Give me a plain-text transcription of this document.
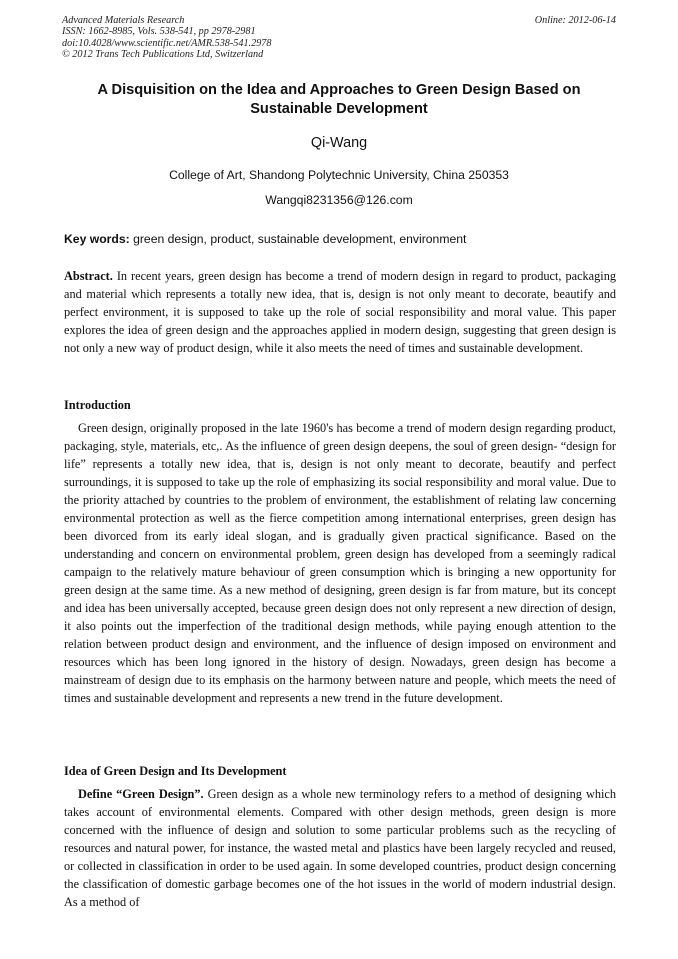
Advanced Materials Research
ISSN: 1662-8985, Vols. 538-541, pp 2978-2981
doi:10.4028/www.scientific.net/AMR.538-541.2978
© 2012 Trans Tech Publications Ltd, Switzerland
Online: 2012-06-14
A Disquisition on the Idea and Approaches to Green Design Based on Sustainable Development
Qi-Wang
College of Art, Shandong Polytechnic University, China 250353
Wangqi8231356@126.com
Key words: green design, product, sustainable development, environment

Abstract. In recent years, green design has become a trend of modern design in regard to product, packaging and material which represents a totally new idea, that is, design is not only meant to decorate, beautify and perfect environment, it is supposed to take up the role of social responsibility and moral value. This paper explores the idea of green design and the approaches applied in modern design, suggesting that green design is not only a new way of product design, while it also meets the need of times and sustainable development.

Introduction

Green design, originally proposed in the late 1960's has become a trend of modern design regarding product, packaging, style, materials, etc,. As the influence of green design deepens, the soul of green design- “design for life” represents a totally new idea, that is, design is not only meant to decorate, beautify and perfect surroundings, it is supposed to take up the role of emphasizing its social responsibility and moral value. Due to the priority attached by countries to the problem of environment, the establishment of relating law concerning environmental protection as well as the fierce competition among international enterprises, green design has been divorced from its early ideal slogan, and is gradually given practical significance. Based on the understanding and concern on environmental problem, green design has developed from a seemingly radical campaign to the relatively mature behaviour of green consumption which is bringing a new opportunity for green design at the same time. As a new method of designing, green design is far from mature, but its concept and idea has been universally accepted, because green design does not only represent a new direction of design, it also points out the imperfection of the traditional design methods, while paying enough attention to the relation between product design and environment, and the influence of design imposed on environment and resources which has been long ignored in the history of design. Nowadays, green design has become a mainstream of design due to its emphasis on the harmony between nature and people, which meets the need of times and sustainable development and represents a new trend in the future development.

Idea of Green Design and Its Development

Define “Green Design”. Green design as a whole new terminology refers to a method of designing which takes account of environmental elements. Compared with other design methods, green design is more concerned with the influence of design and solution to some particular problems such as the recycling of resources and natural power, for instance, the wasted metal and plastics have been largely recycled and reused, or collected in classification in order to be used again. In some developed countries, product design concerning the classification of domestic garbage becomes one of the hot issues in the world of modern industrial design. As a method of
